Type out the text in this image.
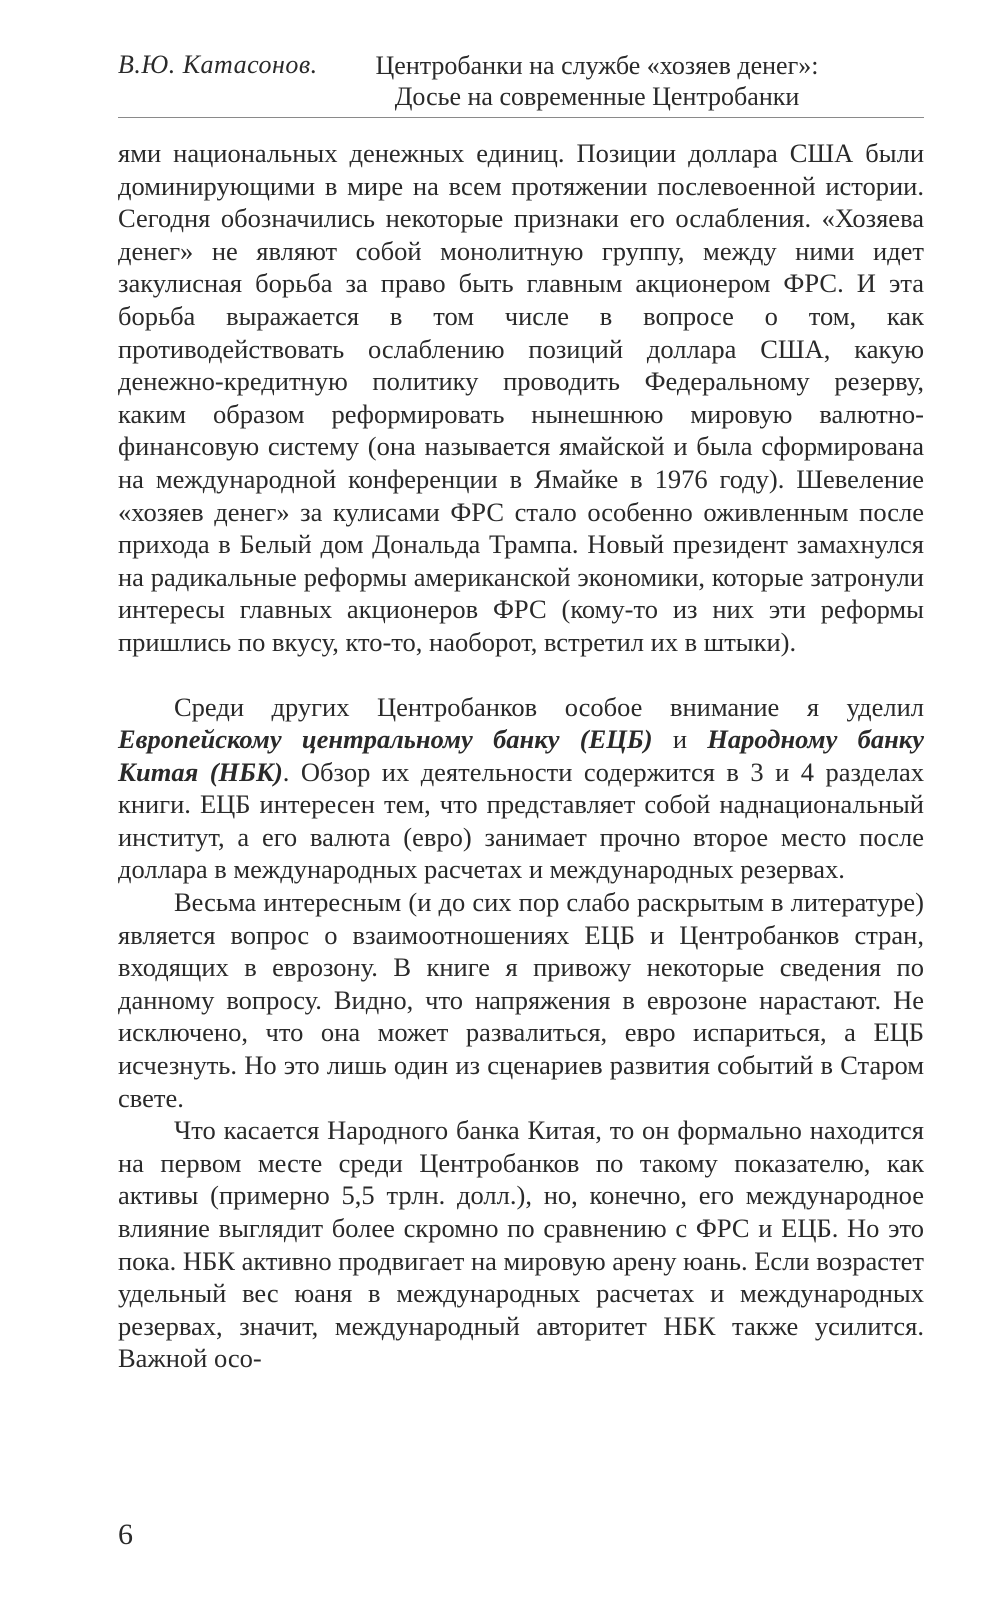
В.Ю. Катасонов. Центробанки на службе «хозяев денег»:
Досье на современные Центробанки

ями национальных денежных единиц. Позиции доллара США были доминирующими в мире на всем протяжении послевоенной истории. Сегодня обозначились некоторые признаки его ослабления. «Хозяева денег» не являют собой монолитную группу, между ними идет закулисная борьба за право быть главным акционером ФРС. И эта борьба выражается в том числе в вопросе о том, как противодействовать ослаблению позиций доллара США, какую денежно-кредитную политику проводить Федеральному резерву, каким образом реформировать нынешнюю мировую валютно-финансовую систему (она называется ямайской и была сформирована на международной конференции в Ямайке в 1976 году). Шевеление «хозяев денег» за кулисами ФРС стало особенно оживленным после прихода в Белый дом Дональда Трампа. Новый президент замахнулся на радикальные реформы американской экономики, которые затронули интересы главных акционеров ФРС (кому-то из них эти реформы пришлись по вкусу, кто-то, наоборот, встретил их в штыки).

Среди других Центробанков особое внимание я уделил Европейскому центральному банку (ЕЦБ) и Народному банку Китая (НБК). Обзор их деятельности содержится в 3 и 4 разделах книги. ЕЦБ интересен тем, что представляет собой наднациональный институт, а его валюта (евро) занимает прочно второе место после доллара в международных расчетах и международных резервах.

Весьма интересным (и до сих пор слабо раскрытым в литературе) является вопрос о взаимоотношениях ЕЦБ и Центробанков стран, входящих в еврозону. В книге я привожу некоторые сведения по данному вопросу. Видно, что напряжения в еврозоне нарастают. Не исключено, что она может развалиться, евро испариться, а ЕЦБ исчезнуть. Но это лишь один из сценариев развития событий в Старом свете.

Что касается Народного банка Китая, то он формально находится на первом месте среди Центробанков по такому показателю, как активы (примерно 5,5 трлн. долл.), но, конечно, его международное влияние выглядит более скромно по сравнению с ФРС и ЕЦБ. Но это пока. НБК активно продвигает на мировую арену юань. Если возрастет удельный вес юаня в международных расчетах и международных резервах, значит, международный авторитет НБК также усилится. Важной осо-

6
